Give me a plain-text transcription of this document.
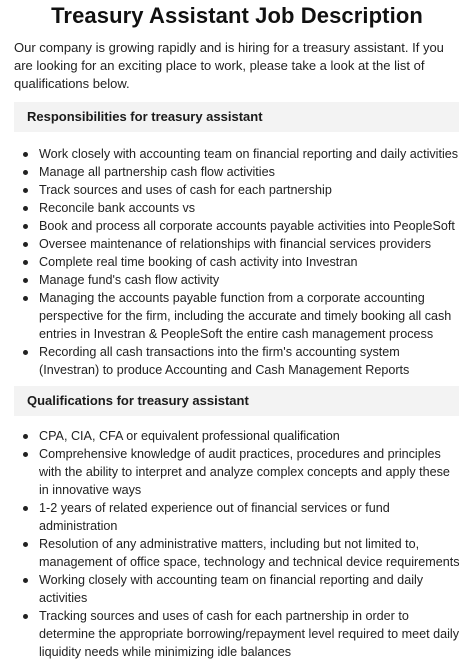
Treasury Assistant Job Description
Our company is growing rapidly and is hiring for a treasury assistant. If you are looking for an exciting place to work, please take a look at the list of qualifications below.
Responsibilities for treasury assistant
Work closely with accounting team on financial reporting and daily activities
Manage all partnership cash flow activities
Track sources and uses of cash for each partnership
Reconcile bank accounts vs
Book and process all corporate accounts payable activities into PeopleSoft
Oversee maintenance of relationships with financial services providers
Complete real time booking of cash activity into Investran
Manage fund's cash flow activity
Managing the accounts payable function from a corporate accounting perspective for the firm, including the accurate and timely booking all cash entries in Investran & PeopleSoft the entire cash management process
Recording all cash transactions into the firm's accounting system (Investran) to produce Accounting and Cash Management Reports
Qualifications for treasury assistant
CPA, CIA, CFA or equivalent professional qualification
Comprehensive knowledge of audit practices, procedures and principles with the ability to interpret and analyze complex concepts and apply these in innovative ways
1-2 years of related experience out of financial services or fund administration
Resolution of any administrative matters, including but not limited to, management of office space, technology and technical device requirements
Working closely with accounting team on financial reporting and daily activities
Tracking sources and uses of cash for each partnership in order to determine the appropriate borrowing/repayment level required to meet daily liquidity needs while minimizing idle balances
